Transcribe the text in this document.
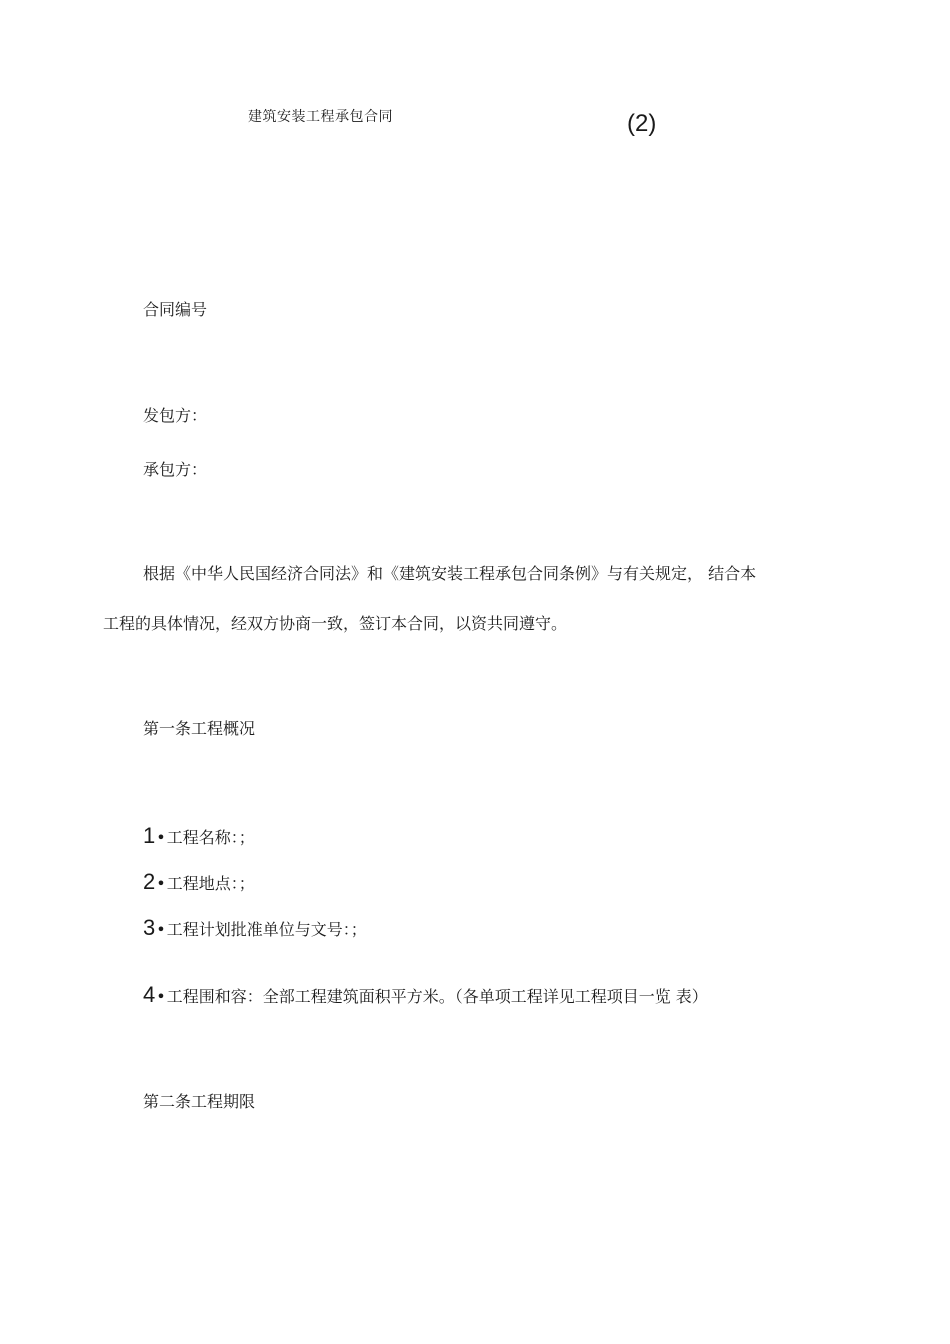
建筑安装工程承包合同	(2)
合同编号
发包方：
承包方：
根据《中华人民国经济合同法》和《建筑安装工程承包合同条例》与有关规定， 结合本
工程的具体情况，经双方协商一致，签订本合同，以资共同遵守。
第一条工程概况
1 • 工程名称：；
2 • 工程地点：；
3 • 工程计划批准单位与文号：；
4 • 工程围和容：全部工程建筑面积平方米。（各单项工程详见工程项目一览 表）
第二条工程期限
